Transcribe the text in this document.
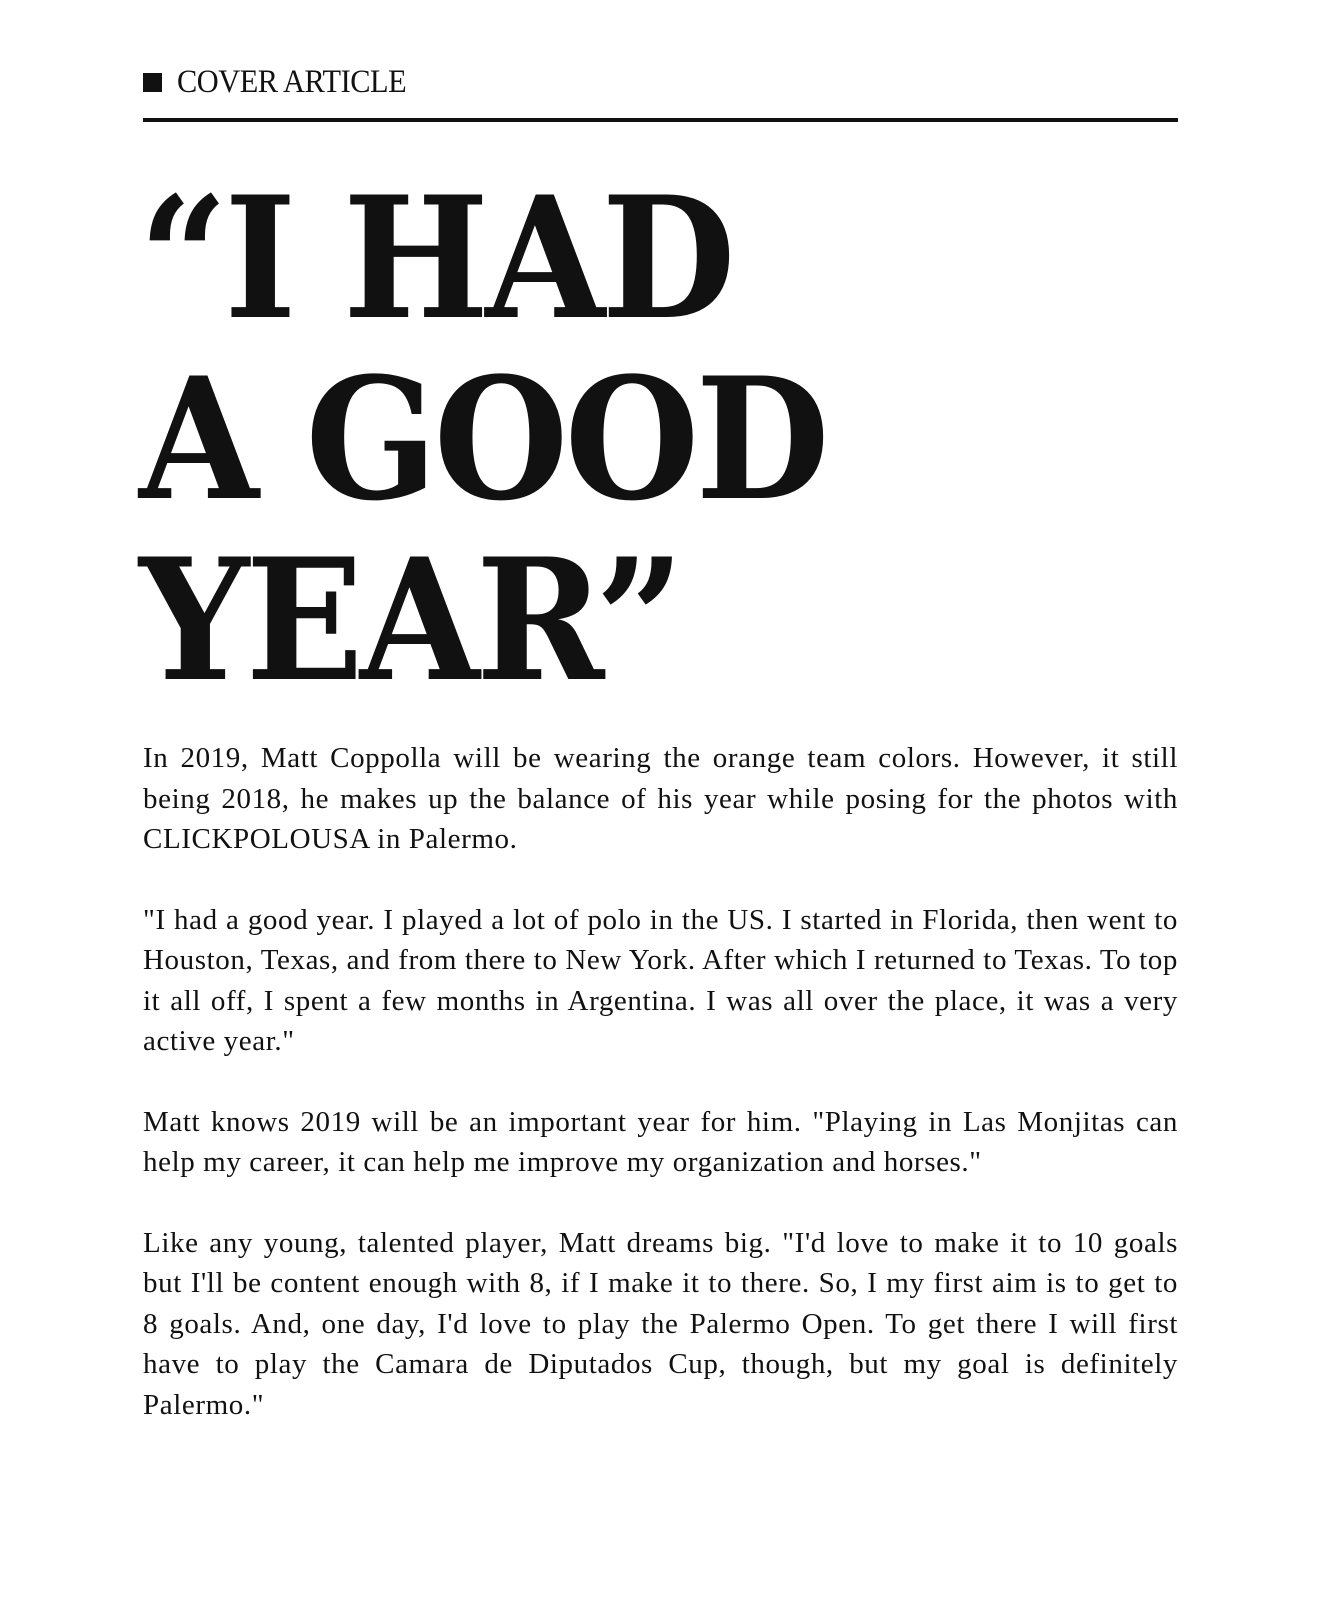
COVER ARTICLE
“I HAD
A GOOD
YEAR”

In 2019, Matt Coppolla will be wearing the orange team colors. However, it still being 2018, he makes up the balance of his year while posing for the photos with CLICKPOLOUSA in Palermo.

"I had a good year. I played a lot of polo in the US. I started in Florida, then went to Houston, Texas, and from there to New York. After which I returned to Texas. To top it all off, I spent a few months in Argentina. I was all over the place, it was a very active year."

Matt knows 2019 will be an important year for him. "Playing in Las Monjitas can help my career, it can help me improve my organization and horses."

Like any young, talented player, Matt dreams big. "I'd love to make it to 10 goals but I'll be content enough with 8, if I make it to there. So, I my first aim is to get to 8 goals. And, one day, I'd love to play the Palermo Open. To get there I will first have to play the Camara de Diputados Cup, though, but my goal is definitely Palermo."
